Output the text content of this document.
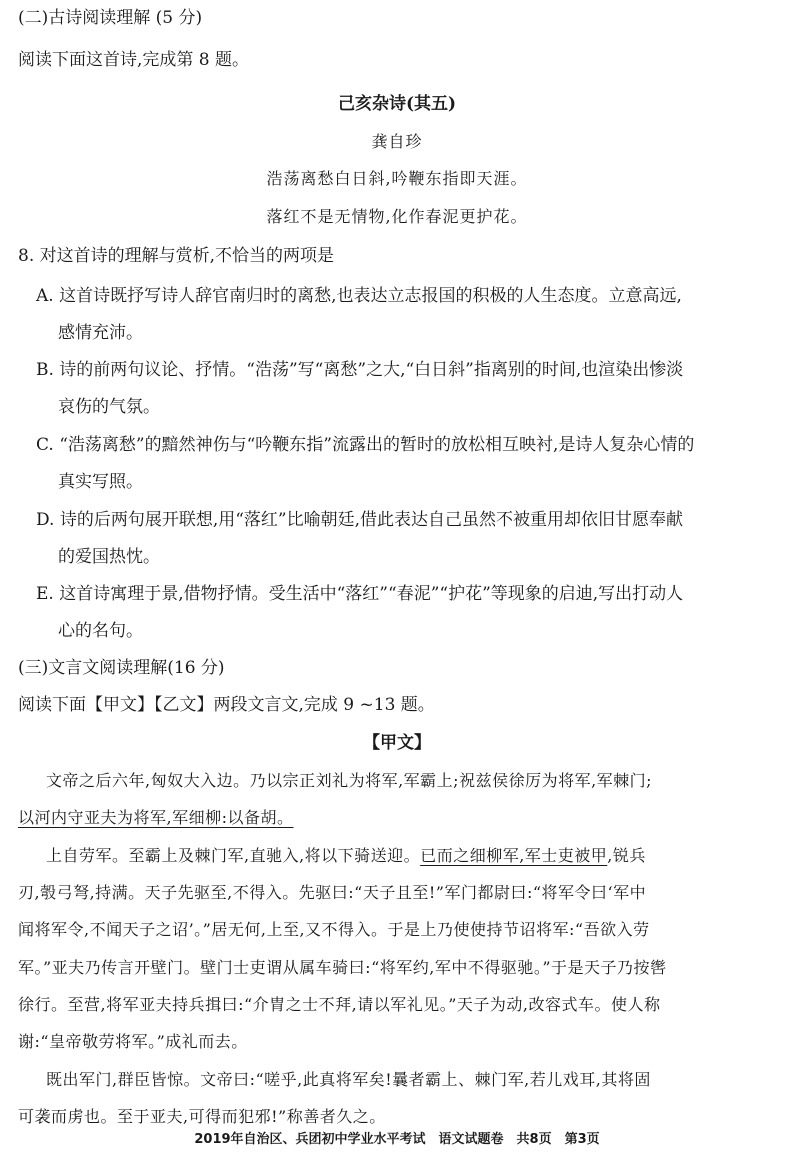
(二)古诗阅读理解 (5 分)
阅读下面这首诗,完成第 8 题。
己亥杂诗(其五)
龚自珍
浩荡离愁白日斜,吟鞭东指即天涯。
落红不是无情物,化作春泥更护花。
8. 对这首诗的理解与赏析,不恰当的两项是
A. 这首诗既抒写诗人辞官南归时的离愁,也表达立志报国的积极的人生态度。立意高远,
感情充沛。
B. 诗的前两句议论、抒情。“浩荡”写“离愁”之大,“白日斜”指离别的时间,也渲染出惨淡
哀伤的气氛。
C. “浩荡离愁”的黯然神伤与“吟鞭东指”流露出的暂时的放松相互映衬,是诗人复杂心情的
真实写照。
D. 诗的后两句展开联想,用“落红”比喻朝廷,借此表达自己虽然不被重用却依旧甘愿奉献
的爱国热忱。
E. 这首诗寓理于景,借物抒情。受生活中“落红”“春泥”“护花”等现象的启迪,写出打动人
心的名句。
(三)文言文阅读理解(16 分)
阅读下面【甲文】【乙文】两段文言文,完成 9 ~13 题。
【甲文】
文帝之后六年,匈奴大入边。乃以宗正刘礼为将军,军霸上;祝兹侯徐厉为将军,军棘门;
以河内守亚夫为将军,军细柳:以备胡。
上自劳军。至霸上及棘门军,直驰入,将以下骑送迎。已而之细柳军,军士吏被甲,锐兵
刃,彀弓弩,持满。天子先驱至,不得入。先驱曰:“天子且至!”军门都尉曰:“将军令曰‘军中
闻将军令,不闻天子之诏’。”居无何,上至,又不得入。于是上乃使使持节诏将军:“吾欲入劳
军。”亚夫乃传言开壁门。壁门士吏谓从属车骑曰:“将军约,军中不得驱驰。”于是天子乃按辔
徐行。至营,将军亚夫持兵揖曰:“介胄之士不拜,请以军礼见。”天子为动,改容式车。使人称
谢:“皇帝敬劳将军。”成礼而去。
既出军门,群臣皆惊。文帝曰:“嗟乎,此真将军矣!曩者霸上、棘门军,若儿戏耳,其将固
可袭而虏也。至于亚夫,可得而犯邪!”称善者久之。
2019年自治区、兵团初中学业水平考试　语文试题卷　共8页　第3页
